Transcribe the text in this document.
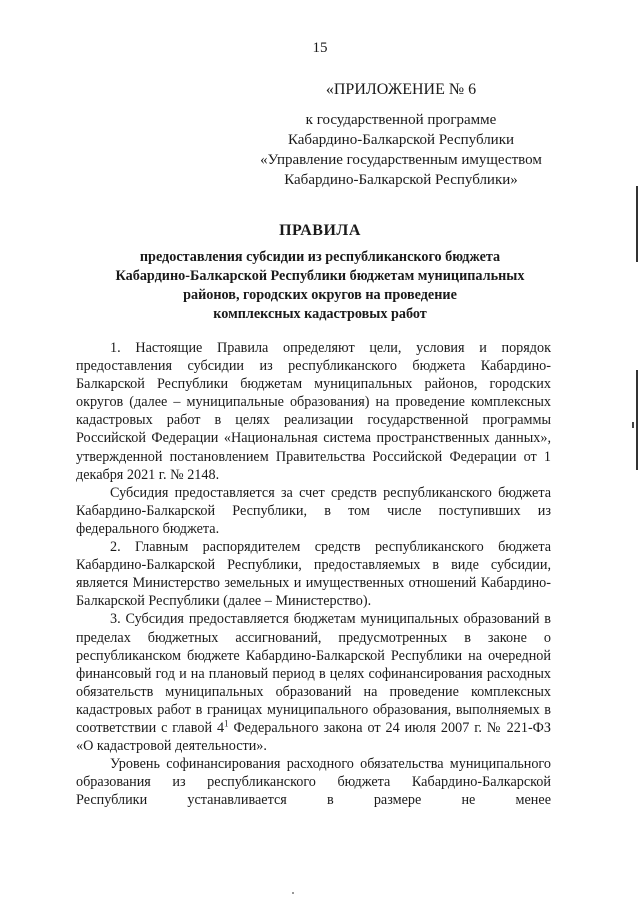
15
«ПРИЛОЖЕНИЕ № 6
к государственной программе
Кабардино-Балкарской Республики
«Управление государственным имуществом
Кабардино-Балкарской Республики»
ПРАВИЛА
предоставления субсидии из республиканского бюджета
Кабардино-Балкарской Республики бюджетам муниципальных
районов, городских округов на проведение
комплексных кадастровых работ

1. Настоящие Правила определяют цели, условия и порядок предоставления субсидии из республиканского бюджета Кабардино-Балкарской Республики бюджетам муниципальных районов, городских округов (далее – муниципальные образования) на проведение комплексных кадастровых работ в целях реализации государственной программы Российской Федерации «Национальная система пространственных данных», утвержденной постановлением Правительства Российской Федерации от 1 декабря 2021 г. № 2148.

Субсидия предоставляется за счет средств республиканского бюджета Кабардино-Балкарской Республики, в том числе поступивших из федерального бюджета.

2. Главным распорядителем средств республиканского бюджета Кабардино-Балкарской Республики, предоставляемых в виде субсидии, является Министерство земельных и имущественных отношений Кабардино-Балкарской Республики (далее – Министерство).

3. Субсидия предоставляется бюджетам муниципальных образований в пределах бюджетных ассигнований, предусмотренных в законе о республиканском бюджете Кабардино-Балкарской Республики на очередной финансовый год и на плановый период в целях софинансирования расходных обязательств муниципальных образований на проведение комплексных кадастровых работ в границах муниципального образования, выполняемых в соответствии с главой $4^1$ Федерального закона от 24 июля 2007 г. № 221-ФЗ «О кадастровой деятельности».

Уровень софинансирования расходного обязательства муниципального образования из республиканского бюджета Кабардино-Балкарской Республики устанавливается в размере не менее
